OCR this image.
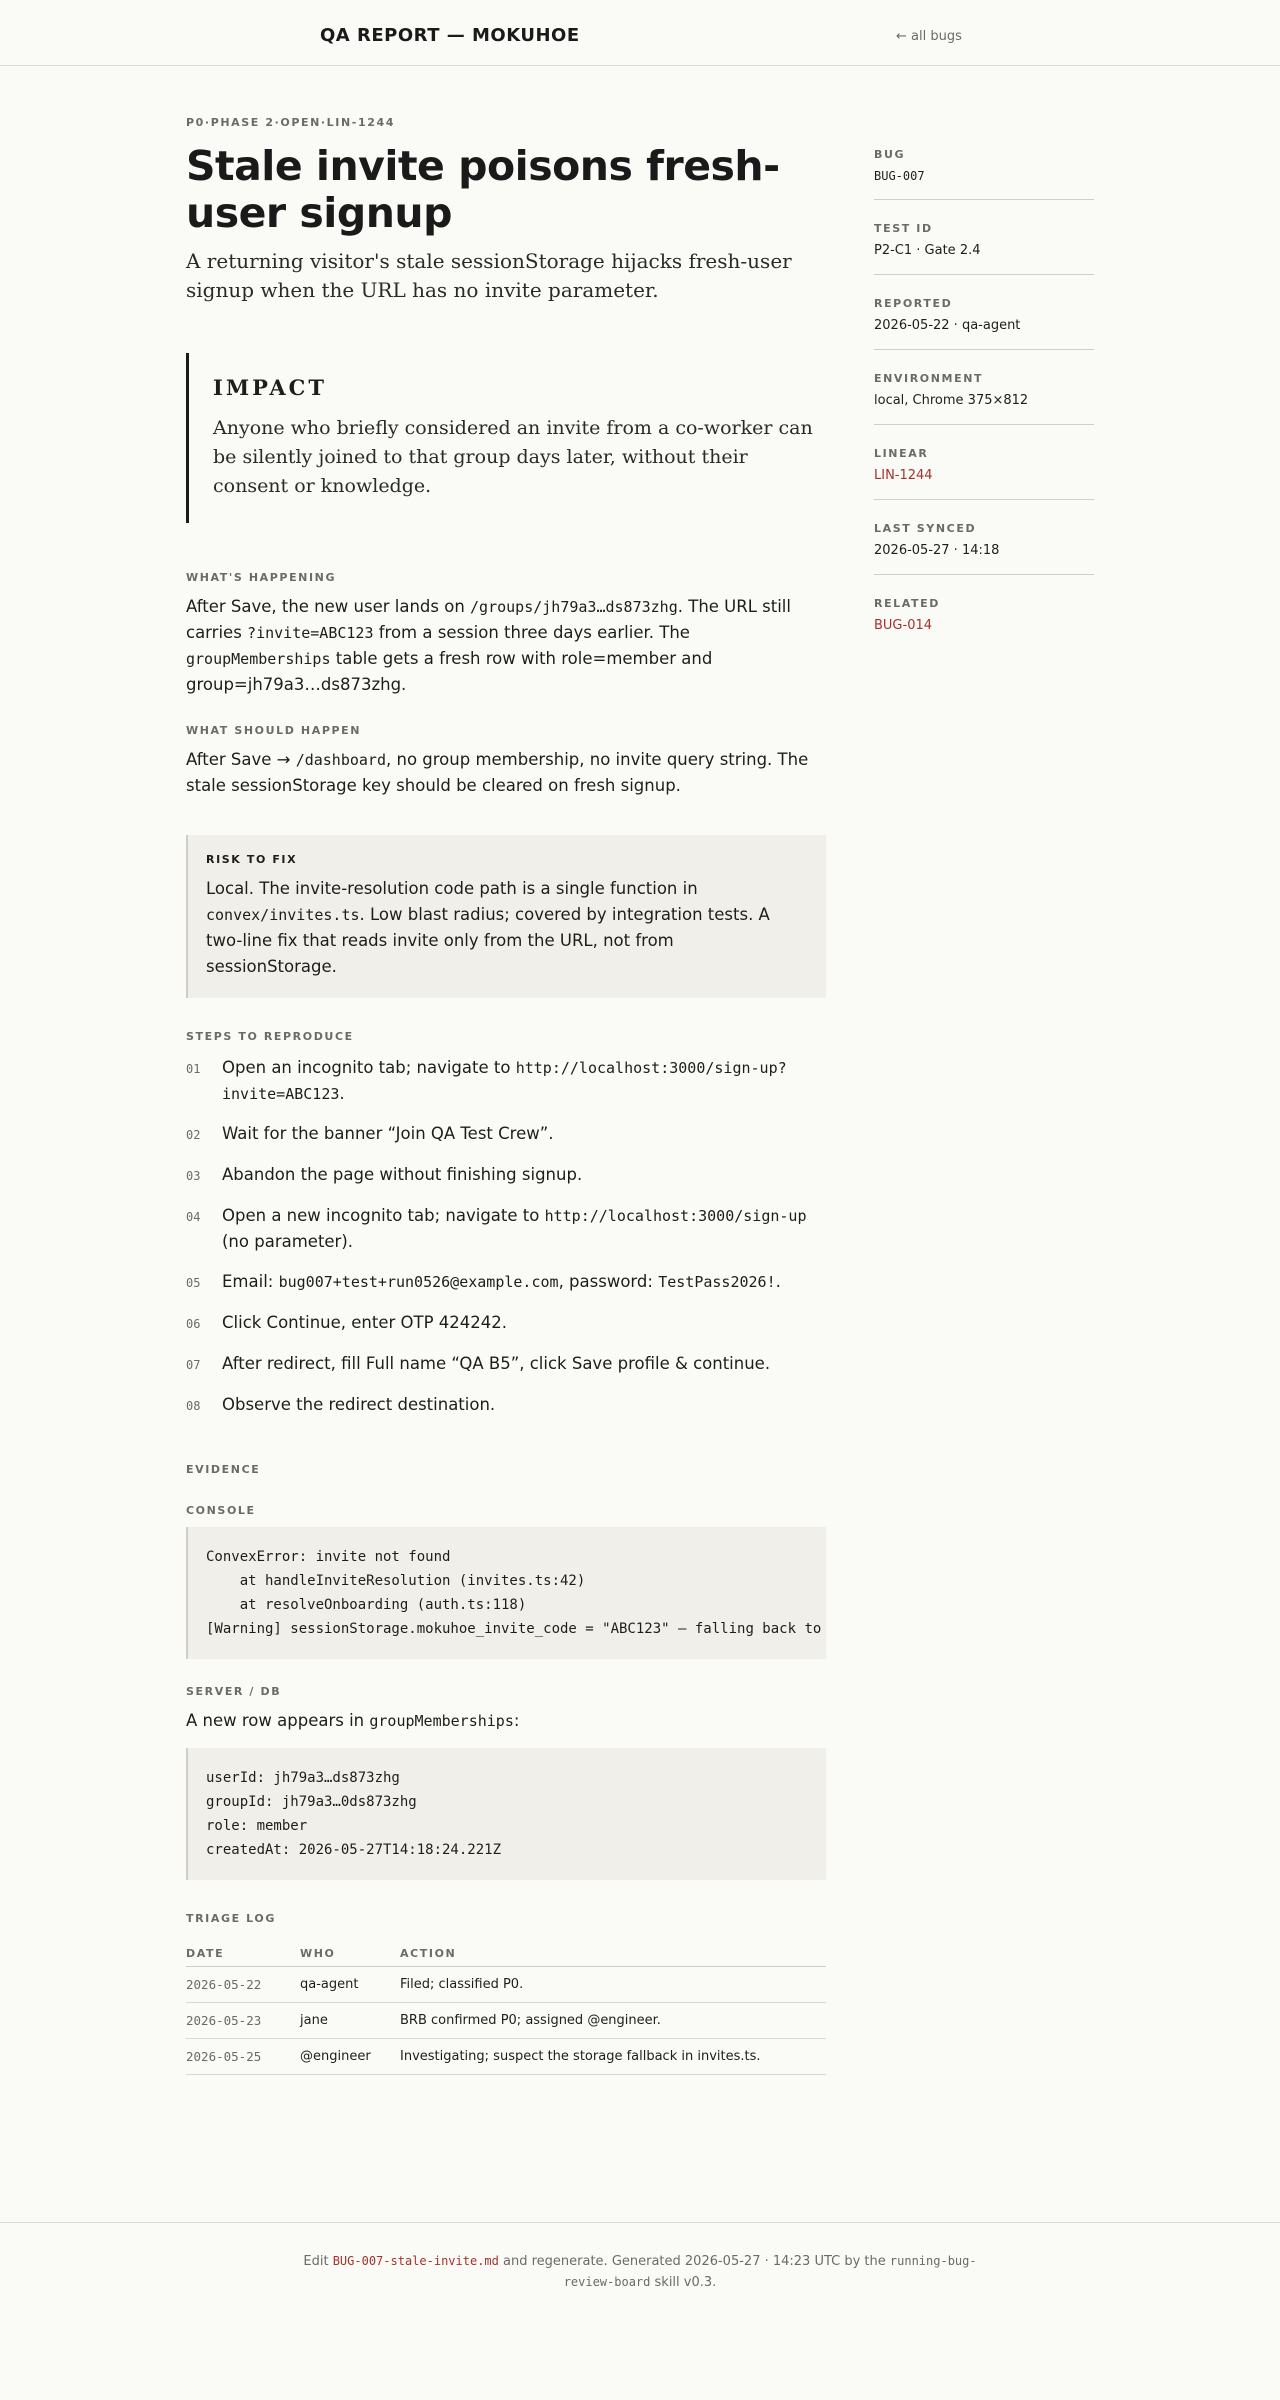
QA REPORT — MOKUHOE	← all bugs
P0·PHASE 2·OPEN·LIN-1244
Stale invite poisons fresh-user signup

A returning visitor's stale sessionStorage hijacks fresh-user signup when the URL has no invite parameter.

IMPACT

Anyone who briefly considered an invite from a co-worker can be silently joined to that group days later, without their consent or knowledge.

WHAT'S HAPPENING

After Save, the new user lands on /groups/jh79a3…ds873zhg. The URL still carries ?invite=ABC123 from a session three days earlier. The groupMemberships table gets a fresh row with role=member and group=jh79a3…ds873zhg.

WHAT SHOULD HAPPEN

After Save → /dashboard, no group membership, no invite query string. The stale sessionStorage key should be cleared on fresh signup.

RISK TO FIX

Local. The invite-resolution code path is a single function in convex/invites.ts. Low blast radius; covered by integration tests. A two-line fix that reads invite only from the URL, not from sessionStorage.

STEPS TO REPRODUCE
01	Open an incognito tab; navigate to http://localhost:3000/sign-up?invite=ABC123.
02	Wait for the banner “Join QA Test Crew”.
03	Abandon the page without finishing signup.
04	Open a new incognito tab; navigate to http://localhost:3000/sign-up (no parameter).
05	Email: bug007+test+run0526@example.com, password: TestPass2026!.
06	Click Continue, enter OTP 424242.
07	After redirect, fill Full name “QA B5”, click Save profile & continue.
08	Observe the redirect destination.
EVIDENCE
CONSOLE
ConvexError: invite not found
at handleInviteResolution (invites.ts:42)
at resolveOnboarding (auth.ts:118)
[Warning] sessionStorage.mokuhoe_invite_code = "ABC123" — falling back to
SERVER / DB

A new row appears in groupMemberships:

userId: jh79a3…ds873zhg
groupId: jh79a3…0ds873zhg
role: member
createdAt: 2026-05-27T14:18:24.221Z
TRIAGE LOG
DATE	WHO	ACTION
2026-05-22	qa-agent	Filed; classified P0.
2026-05-23	jane	BRB confirmed P0; assigned @engineer.
2026-05-25	@engineer	Investigating; suspect the storage fallback in invites.ts.
BUG
BUG-007
TEST ID
P2-C1 · Gate 2.4
REPORTED
2026-05-22 · qa-agent
ENVIRONMENT
local, Chrome 375×812
LINEAR
LIN-1244
LAST SYNCED
2026-05-27 · 14:18
RELATED
BUG-014

Edit BUG-007-stale-invite.md and regenerate. Generated 2026-05-27 · 14:23 UTC by the running-bug-review-board skill v0.3.
